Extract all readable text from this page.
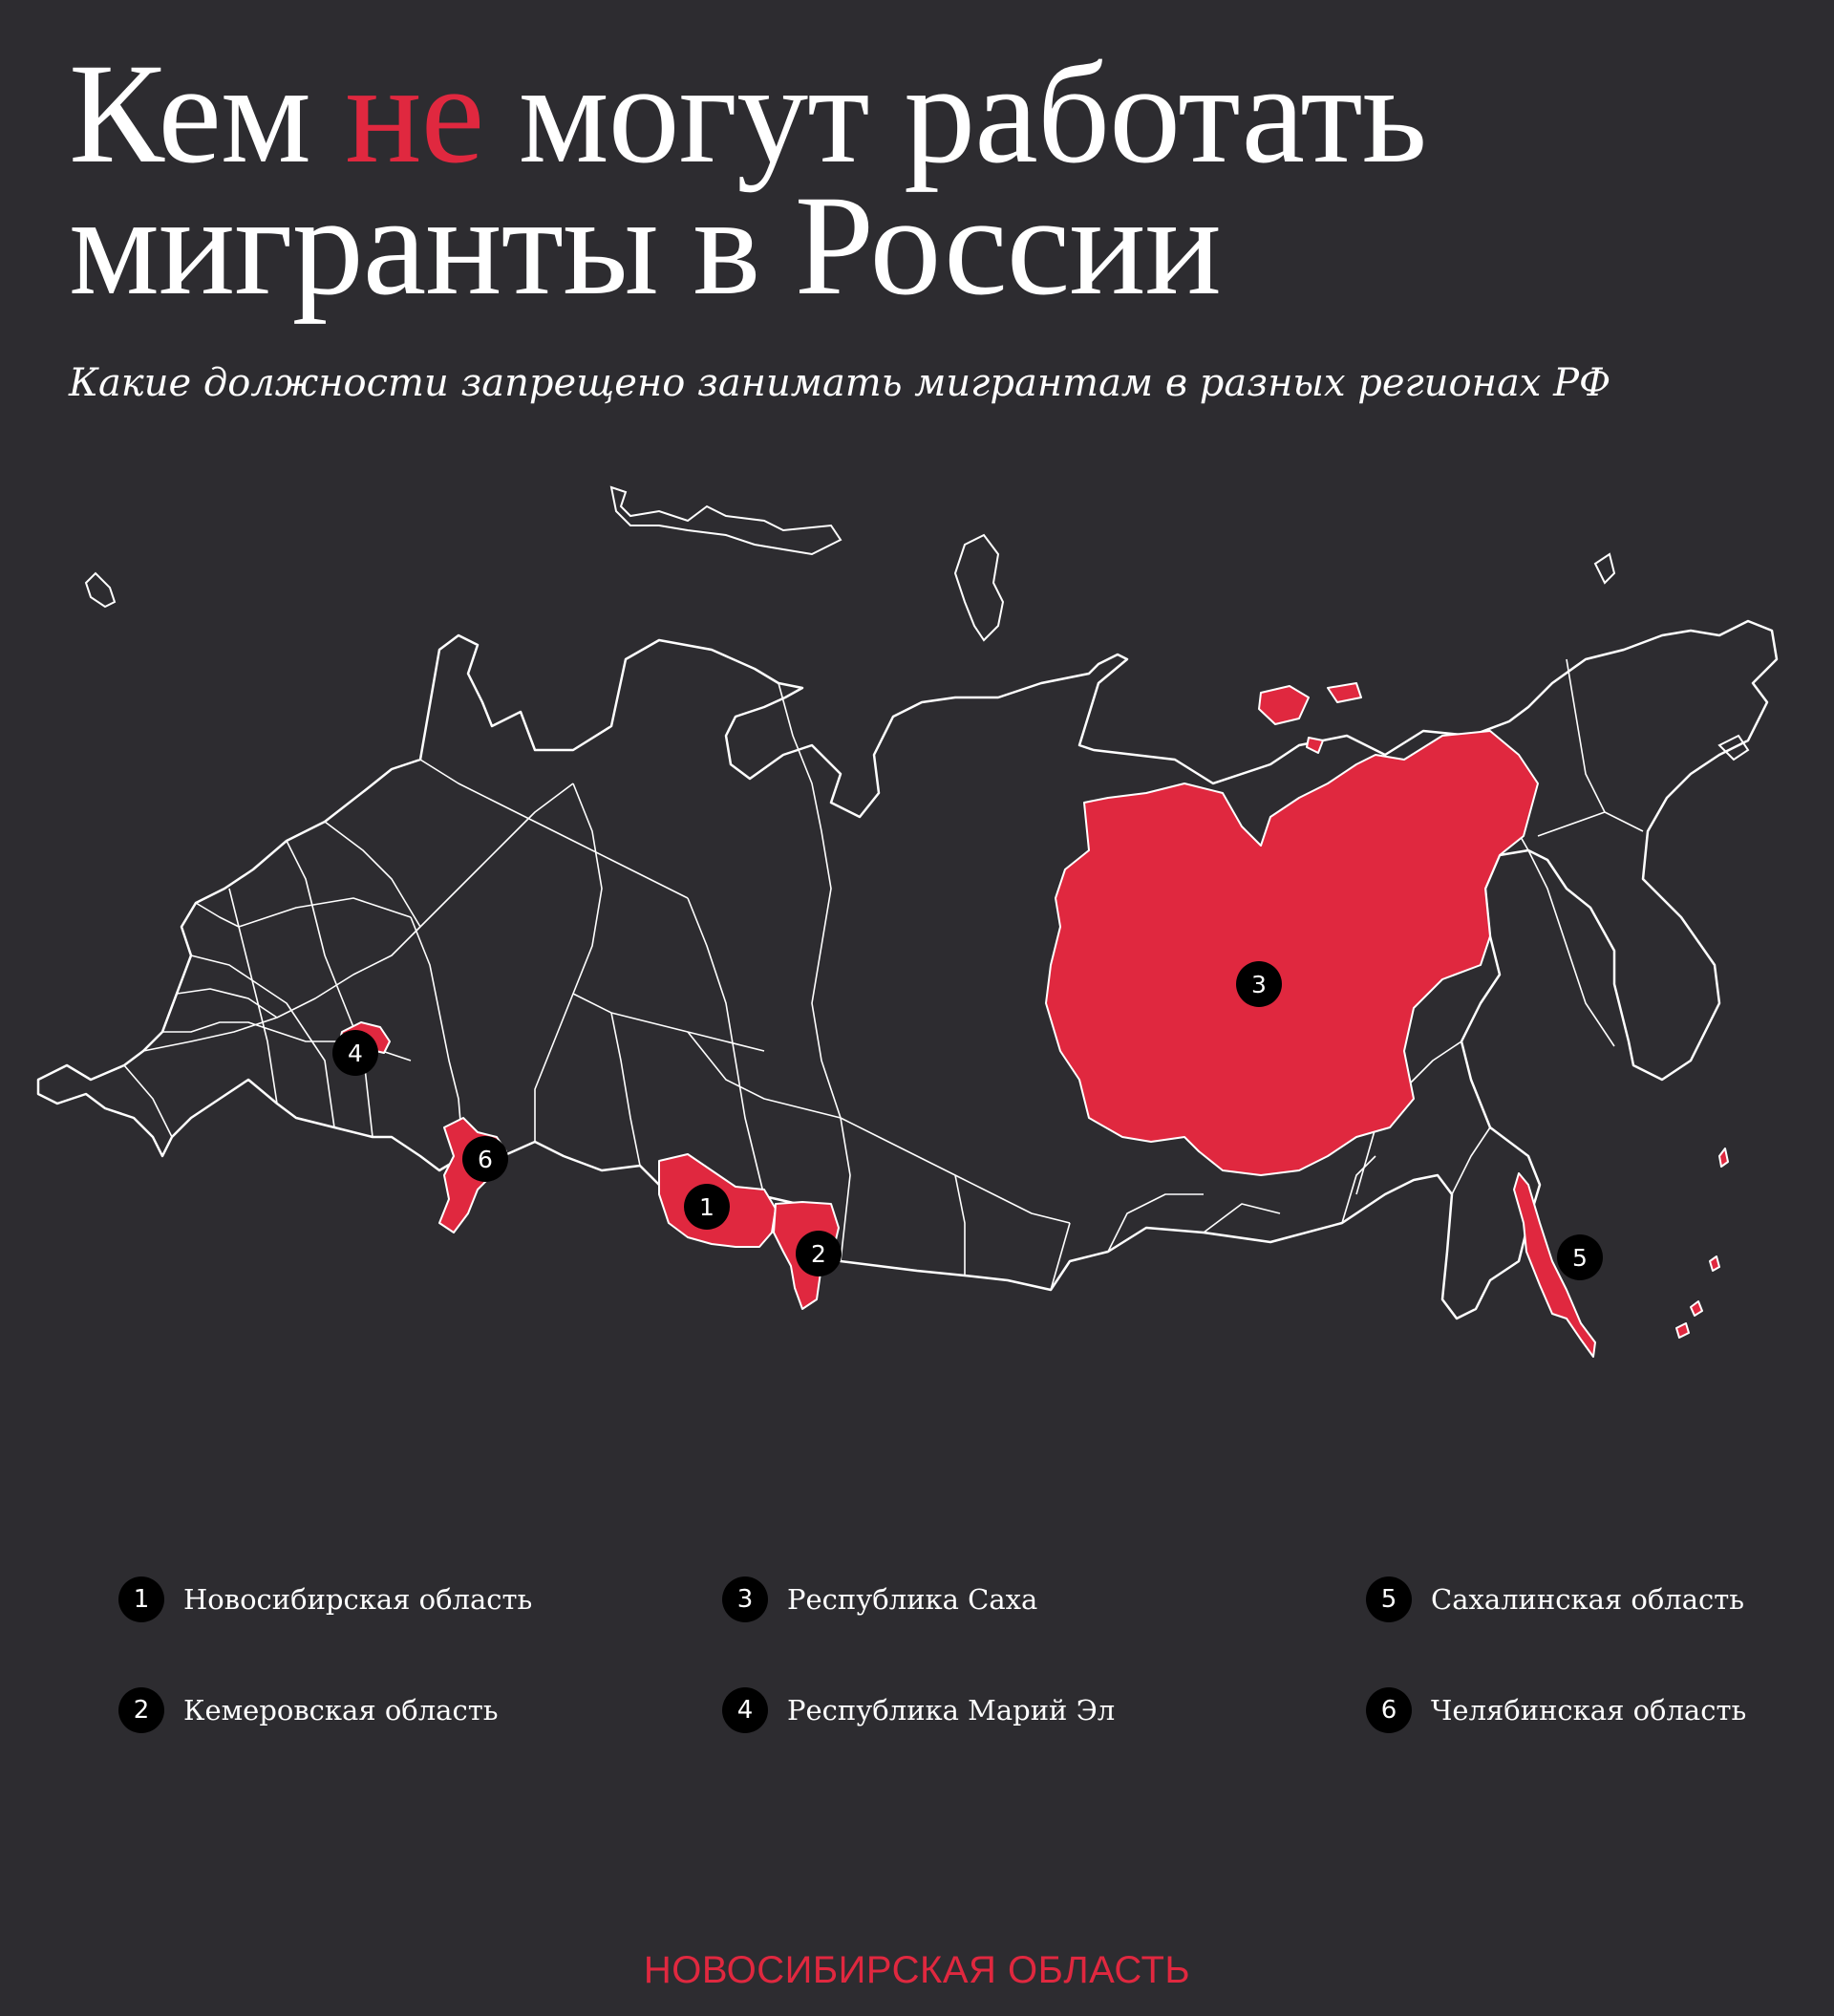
Кем не могут работать мигранты в России
Какие должности запрещено занимать мигрантам в разных регионах РФ
1
2
3
4
5
6
1	Новосибирская область
2	Кемеровская область
3	Республика Саха
4	Республика Марий Эл
5	Сахалинская область
6	Челябинская область
НОВОСИБИРСКАЯ ОБЛАСТЬ
